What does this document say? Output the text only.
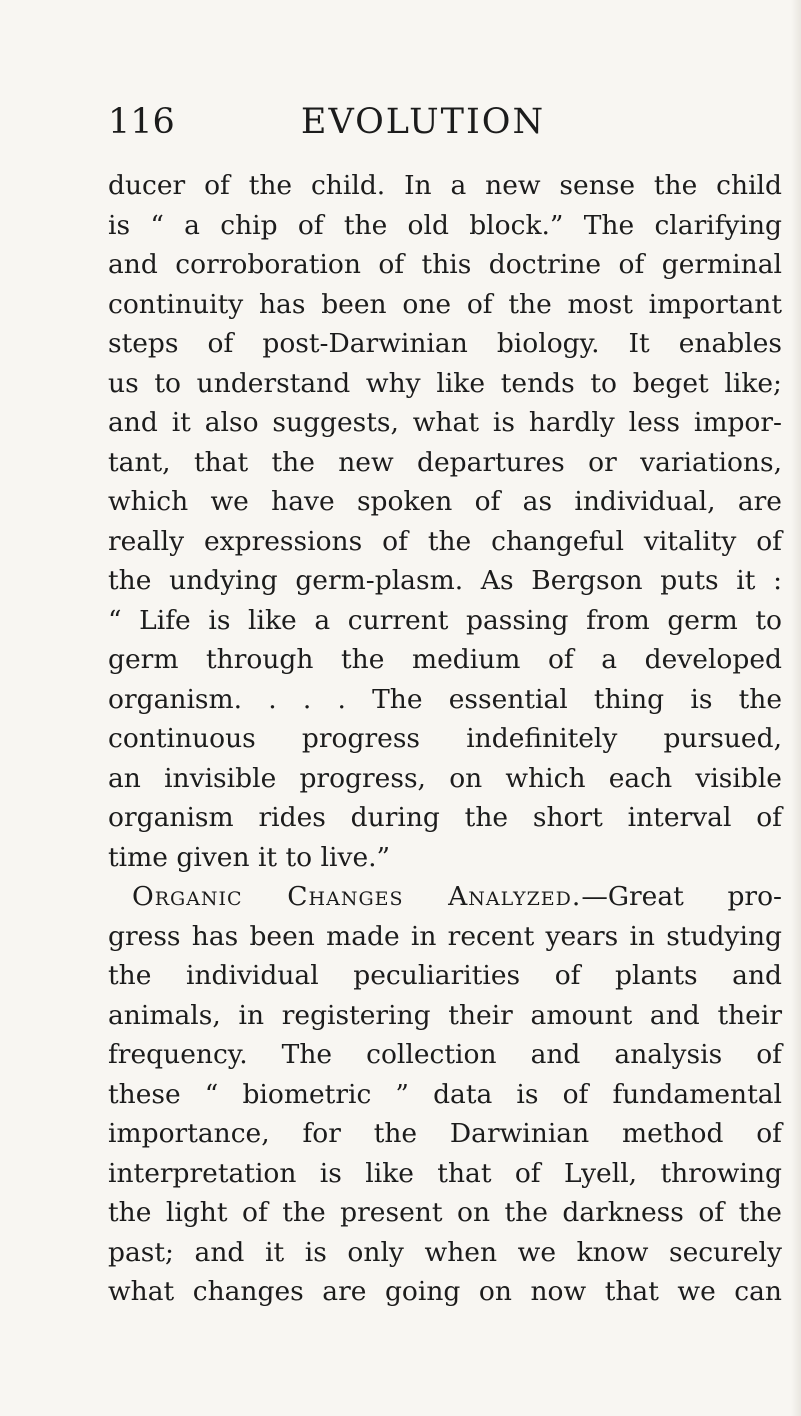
116	EVOLUTION
ducer of the child. In a new sense the child
is “ a chip of the old block.” The clarifying
and corroboration of this doctrine of germinal
continuity has been one of the most important
steps of post-Darwinian biology. It enables
us to understand why like tends to beget like;
and it also suggests, what is hardly less impor-
tant, that the new departures or variations,
which we have spoken of as individual, are
really expressions of the changeful vitality of
the undying germ-plasm. As Bergson puts it :
“ Life is like a current passing from germ to
germ through the medium of a developed
organism. . . . The essential thing is the
continuous progress indefinitely pursued,
an invisible progress, on which each visible
organism rides during the short interval of
time given it to live.”
Organic Changes Analyzed.—Great pro-
gress has been made in recent years in studying
the individual peculiarities of plants and
animals, in registering their amount and their
frequency. The collection and analysis of
these “ biometric ” data is of fundamental
importance, for the Darwinian method of
interpretation is like that of Lyell, throwing
the light of the present on the darkness of the
past; and it is only when we know securely
what changes are going on now that we can
